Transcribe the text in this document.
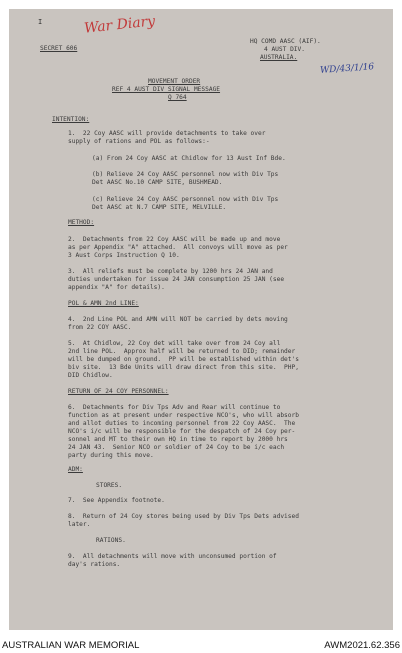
I	War Diary
WD/43/1/16
SECRET 606
HQ COMD AASC (AIF).
4 AUST DIV.
AUSTRALIA.
MOVEMENT ORDER
REF 4 AUST DIV SIGNAL MESSAGE
Q 764
INTENTION:
1.  22 Coy AASC will provide detachments to take over
supply of rations and POL as follows:-
(a) From 24 Coy AASC at Chidlow for 13 Aust Inf Bde.
(b) Relieve 24 Coy AASC personnel now with Div Tps
Det AASC No.10 CAMP SITE, BUSHMEAD.
(c) Relieve 24 Coy AASC personnel now with Div Tps
Det AASC at N.7 CAMP SITE, MELVILLE.
METHOD:
2.  Detachments from 22 Coy AASC will be made up and move
as per Appendix "A" attached.  All convoys will move as per
3 Aust Corps Instruction Q 10.
3.  All reliefs must be complete by 1200 hrs 24 JAN and
duties undertaken for issue 24 JAN consumption 25 JAN (see
appendix "A" for details).
POL & AMN 2nd LINE:
4.  2nd Line POL and AMN will NOT be carried by dets moving
from 22 COY AASC.
5.  At Chidlow, 22 Coy det will take over from 24 Coy all
2nd line POL.  Approx half will be returned to DID; remainder
will be dumped on ground.  PP will be established within det's
biv site.  13 Bde Units will draw direct from this site.  PHP,
DID Chidlow.
RETURN OF 24 COY PERSONNEL:
6.  Detachments for Div Tps Adv and Rear will continue to
function as at present under respective NCO's, who will absorb
and allot duties to incoming personnel from 22 Coy AASC.  The
NCO's i/c will be responsible for the despatch of 24 Coy per-
sonnel and MT to their own HQ in time to report by 2000 hrs
24 JAN 43.  Senior NCO or soldier of 24 Coy to be i/c each
party during this move.
ADM:
STORES.
7.  See Appendix footnote.
8.  Return of 24 Coy stores being used by Div Tps Dets advised
later.
RATIONS.
9.  All detachments will move with unconsumed portion of
day's rations.
AUSTRALIAN WAR MEMORIAL	AWM2021.62.356
